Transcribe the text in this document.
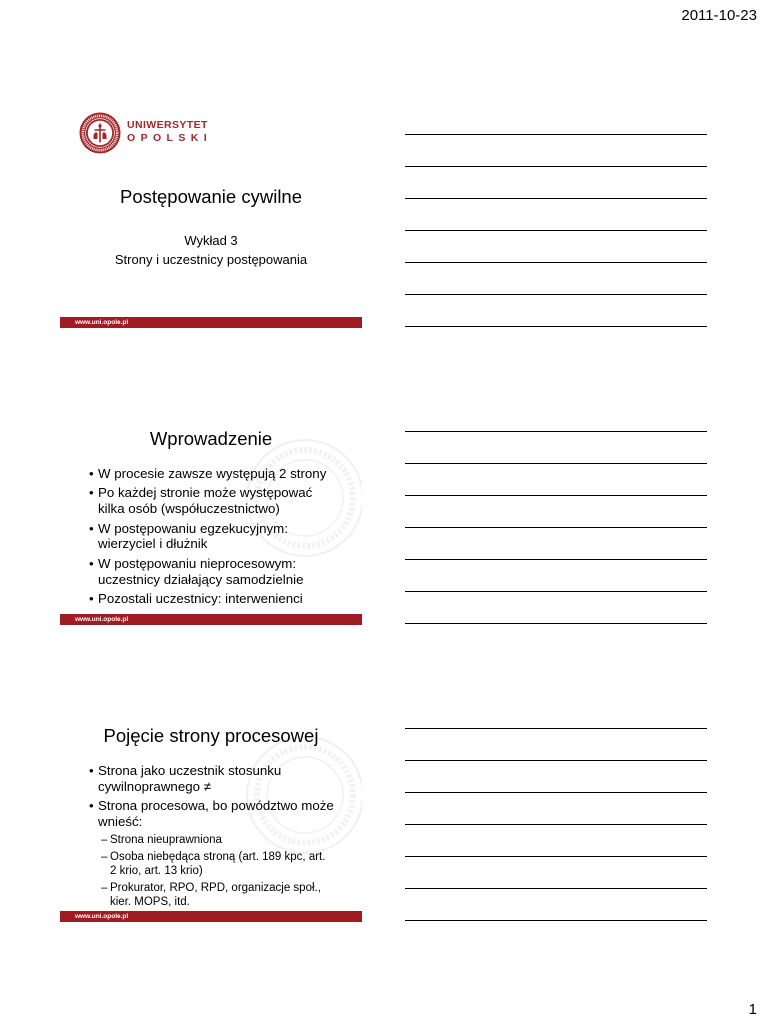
2011-10-23
UNIWERSYTET
OPOLSKI
Postępowanie cywilne
Wykład 3
Strony i uczestnicy postępowania
www.uni.opole.pl
Wprowadzenie
• W procesie zawsze występują 2 strony
• Po każdej stronie może występować
kilka osób (współuczestnictwo)
• W postępowaniu egzekucyjnym:
wierzyciel i dłużnik
• W postępowaniu nieprocesowym:
uczestnicy działający samodzielnie
• Pozostali uczestnicy: interwenienci
www.uni.opole.pl
Pojęcie strony procesowej
• Strona jako uczestnik stosunku
cywilnoprawnego ≠
• Strona procesowa, bo powództwo może
wnieść:
– Strona nieuprawniona
– Osoba niebędąca stroną (art. 189 kpc, art.
2 krio, art. 13 krio)
– Prokurator, RPO, RPD, organizacje społ.,
kier. MOPS, itd.
www.uni.opole.pl
1
